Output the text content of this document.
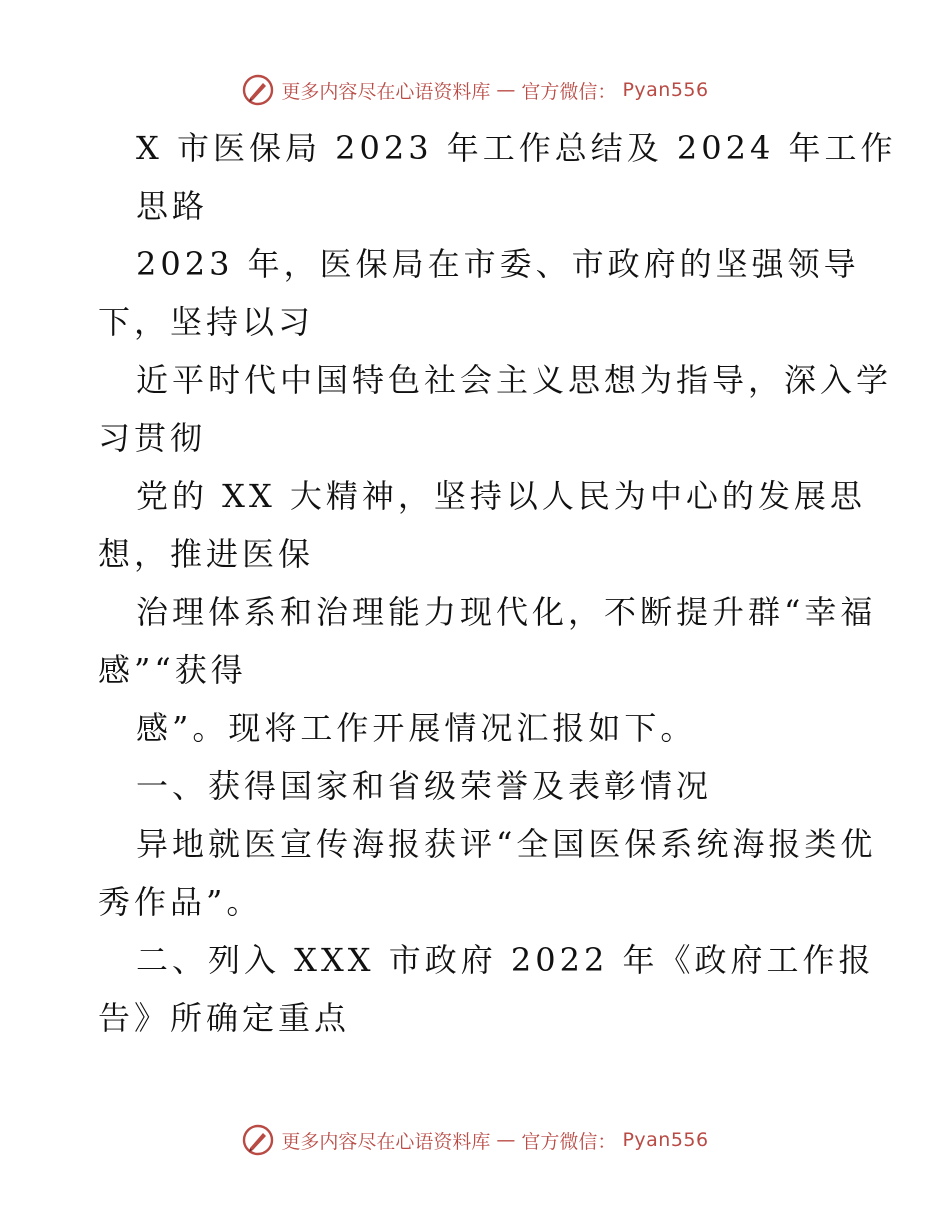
更多内容尽在心语资料库 — 官方微信： Pyan556
X 市医保局 2023 年工作总结及 2024 年工作
思路
2023 年，医保局在市委、市政府的坚强领导
下，坚持以习
近平时代中国特色社会主义思想为指导，深入学
习贯彻
党的 XX 大精神，坚持以人民为中心的发展思
想，推进医保
治理体系和治理能力现代化，不断提升群“幸福
感”“获得
感”。现将工作开展情况汇报如下。
一、获得国家和省级荣誉及表彰情况
异地就医宣传海报获评“全国医保系统海报类优
秀作品”。
二、列入 XXX 市政府 2022 年《政府工作报
告》所确定重点
更多内容尽在心语资料库 — 官方微信： Pyan556
